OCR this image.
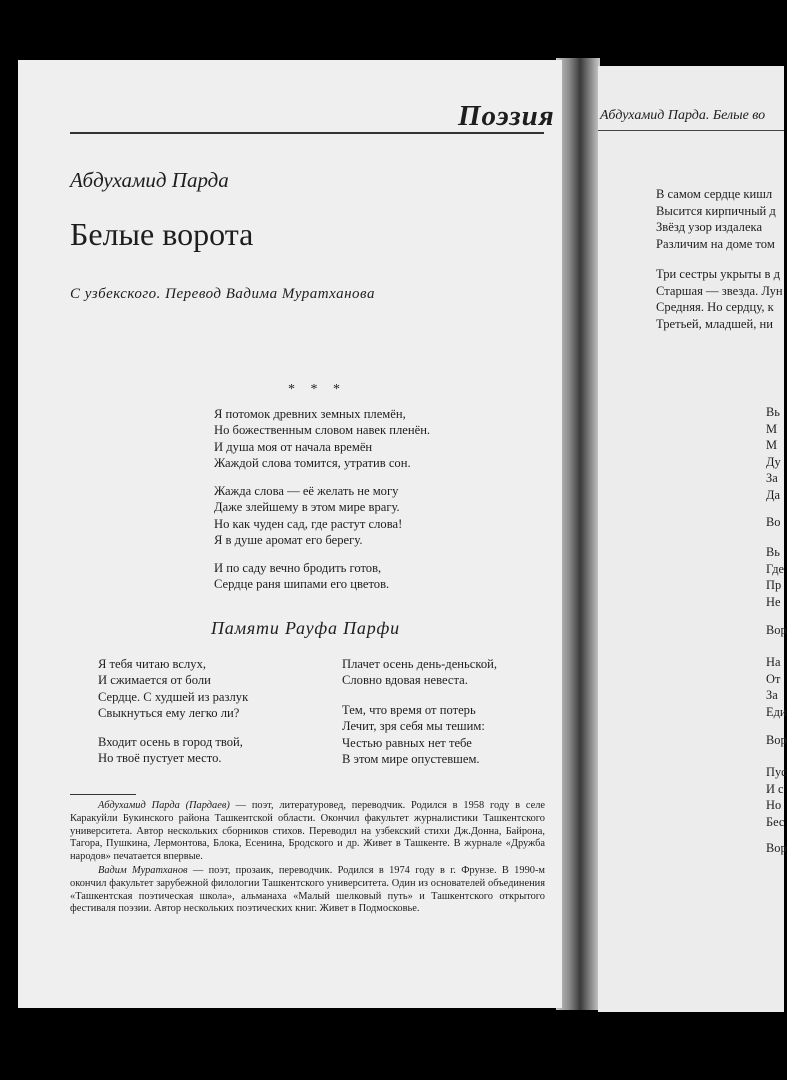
Поэзия
Абдухамид Парда
Белые ворота
С узбекского. Перевод Вадима Муратханова
* * *
Я потомок древних земных племён,
Но божественным словом навек пленён.
И душа моя от начала времён
Жаждой слова томится, утратив сон.
Жажда слова — её желать не могу
Даже злейшему в этом мире врагу.
Но как чуден сад, где растут слова!
Я в душе аромат его берегу.
И по саду вечно бродить готов,
Сердце раня шипами его цветов.
Памяти Рауфа Парфи
Я тебя читаю вслух,
И сжимается от боли
Сердце. С худшей из разлук
Свыкнуться ему легко ли?
Входит осень в город твой,
Но твоё пустует место.
Плачет осень день-деньской,
Словно вдовая невеста.
Тем, что время от потерь
Лечит, зря себя мы тешим:
Честью равных нет тебе
В этом мире опустевшем.

Абдухамид Парда (Пардаев) — поэт, литературовед, переводчик. Родился в 1958 году в селе Каракуйли Букинского района Ташкентской области. Окончил факультет журналистики Ташкентского университета. Автор нескольких сборников стихов. Переводил на узбекский стихи Дж.Донна, Байрона, Тагора, Пушкина, Лермонтова, Блока, Есенина, Бродского и др. Живет в Ташкенте. В журнале «Дружба народов» печатается впервые.

Вадим Муратханов — поэт, прозаик, переводчик. Родился в 1974 году в г. Фрунзе. В 1990-м окончил факультет зарубежной филологии Ташкентского университета. Один из основателей объединения «Ташкентская поэтическая школа», альманаха «Малый шелковый путь» и Ташкентского открытого фестиваля поэзии. Автор нескольких поэтических книг. Живет в Подмосковье.

Абдухамид Парда. Белые во
В самом сердце кишл
Высится кирпичный д
Звёзд узор издалека
Различим на доме том
Три сестры укрыты в д
Старшая — звезда. Лун
Средняя. Но сердцу, к
Третьей, младшей, ни
Вь
М
М
Ду
За
Да
Во
Вь
Где
Пр
Не
Вор
На
От
За
Еди
Вор
Пус
И с
Но
Бес
Вор
